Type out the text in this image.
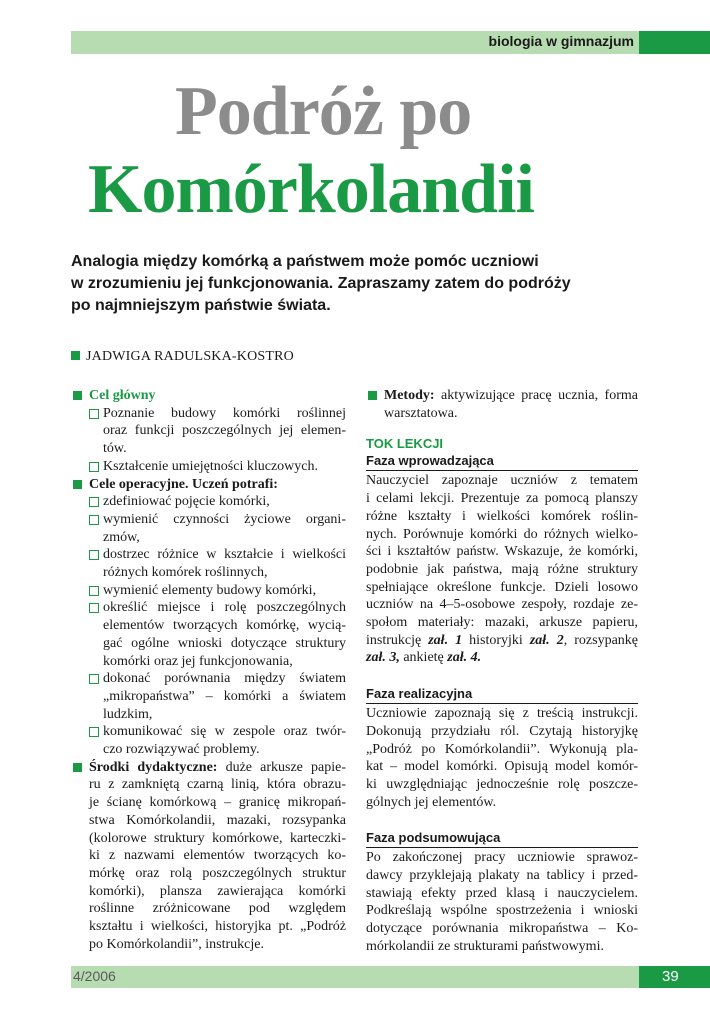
biologia w gimnazjum
Podróż po
Komórkolandii
Analogia między komórką a państwem może pomóc uczniowi
w zrozumieniu jej funkcjonowania. Zapraszamy zatem do podróży
po najmniejszym państwie świata.
JADWIGA RADULSKA-KOSTRO
Cel główny
Poznanie budowy komórki roślinnej
oraz funkcji poszczególnych jej elemen-
tów.
Kształcenie umiejętności kluczowych.
Cele operacyjne. Uczeń potrafi:
zdefiniować pojęcie komórki,
wymienić czynności życiowe organi-
zmów,
dostrzec różnice w kształcie i wielkości
różnych komórek roślinnych,
wymienić elementy budowy komórki,
określić miejsce i rolę poszczególnych
elementów tworzących komórkę, wycią-
gać ogólne wnioski dotyczące struktury
komórki oraz jej funkcjonowania,
dokonać porównania między światem
„mikropaństwa” – komórki a światem
ludzkim,
komunikować się w zespole oraz twór-
czo rozwiązywać problemy.
Środki dydaktyczne: duże arkusze papie-
ru z zamkniętą czarną linią, która obrazu-
je ścianę komórkową – granicę mikropań-
stwa Komórkolandii, mazaki, rozsypanka
(kolorowe struktury komórkowe, karteczki-
ki z nazwami elementów tworzących ko-
mórkę oraz rolą poszczególnych struktur
komórki), plansza zawierająca komórki
roślinne zróżnicowane pod względem
kształtu i wielkości, historyjka pt. „Podróż
po Komórkolandii”, instrukcje.
Metody: aktywizujące pracę ucznia, forma
warsztatowa.
TOK LEKCJI
Faza wprowadzająca
Nauczyciel zapoznaje uczniów z tematem
i celami lekcji. Prezentuje za pomocą planszy
różne kształty i wielkości komórek roślin-
nych. Porównuje komórki do różnych wielko-
ści i kształtów państw. Wskazuje, że komórki,
podobnie jak państwa, mają różne struktury
spełniające określone funkcje. Dzieli losowo
uczniów na 4–5-osobowe zespoły, rozdaje ze-
społom materiały: mazaki, arkusze papieru,
instrukcję zał. 1 historyjki zał. 2, rozsypankę
zał. 3, ankietę zał. 4.
Faza realizacyjna
Uczniowie zapoznają się z treścią instrukcji.
Dokonują przydziału ról. Czytają historyjkę
„Podróż po Komórkolandii”. Wykonują pla-
kat – model komórki. Opisują model komór-
ki uwzględniając jednocześnie rolę poszcze-
gólnych jej elementów.
Faza podsumowująca
Po zakończonej pracy uczniowie sprawoz-
dawcy przyklejają plakaty na tablicy i przed-
stawiają efekty przed klasą i nauczycielem.
Podkreślają wspólne spostrzeżenia i wnioski
dotyczące porównania mikropaństwa – Ko-
mórkolandii ze strukturami państwowymi.
4/2006	39
